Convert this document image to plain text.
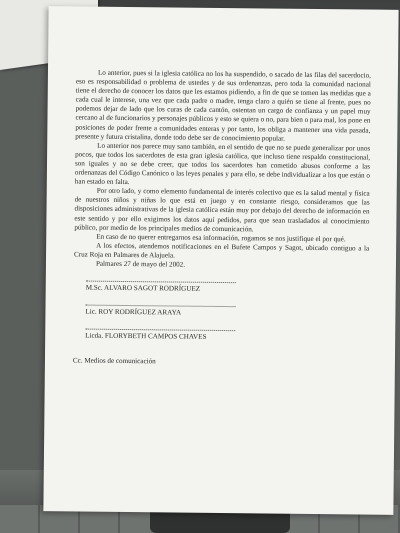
Lo anterior, pues si la iglesia católica no los ha suspendido, o sacado de las filas del sacerdocio, eso es responsabilidad o problema de ustedes y de sus ordenanzas, pero toda la comunidad nacional tiene el derecho de conocer los datos que les estamos pidiendo, a fin de que se tomen las medidas que a cada cual le interese, una vez que cada padre o madre, tenga claro a quién se tiene al frente, pues no podemos dejar de lado que los curas de cada cantón, ostentan un cargo de confianza y un papel muy cercano al de funcionarios y personajes públicos y esto se quiera o no, para bien o para mal, los pone en posiciones de poder frente a comunidades enteras y por tanto, los obliga a mantener una vida pasada, presente y futura cristalina, donde todo debe ser de conocimiento popular.

Lo anterior nos parece muy sano también, en el sentido de que no se puede generalizar por unos pocos, que todos los sacerdotes de esta gran iglesia católica, que incluso tiene respaldo constitucional, son iguales y no se debe creer, que todos los sacerdotes han cometido abusos conforme a las ordenanzas del Código Canónico o las leyes penales y para ello, se debe individualizar a los que están o han estado en falta.

Por otro lado, y como elemento fundamental de interés colectivo que es la salud mental y física de nuestros niños y niñas lo que está en juego y en constante riesgo, consideramos que las disposiciones administrativas de la iglesia católica están muy por debajo del derecho de información en este sentido y por ello exigimos los datos aquí pedidos, para que sean trasladados al conocimiento público, por medio de los principales medios de comunicación.

En caso de no querer entregarnos esa información, rogamos se nos justifique el por qué.

A los efectos, atendemos notificaciones en el Bufete Campos y Sagot, ubicado contiguo a la Cruz Roja en Palmares de Alajuela.

Palmares 27 de mayo del 2002.
M.Sc. ALVARO SAGOT RODRÍGUEZ
Lic. ROY RODRÍGUEZ ARAYA
Licda. FLORYBETH CAMPOS CHAVES
Cc. Medios de comunicación
